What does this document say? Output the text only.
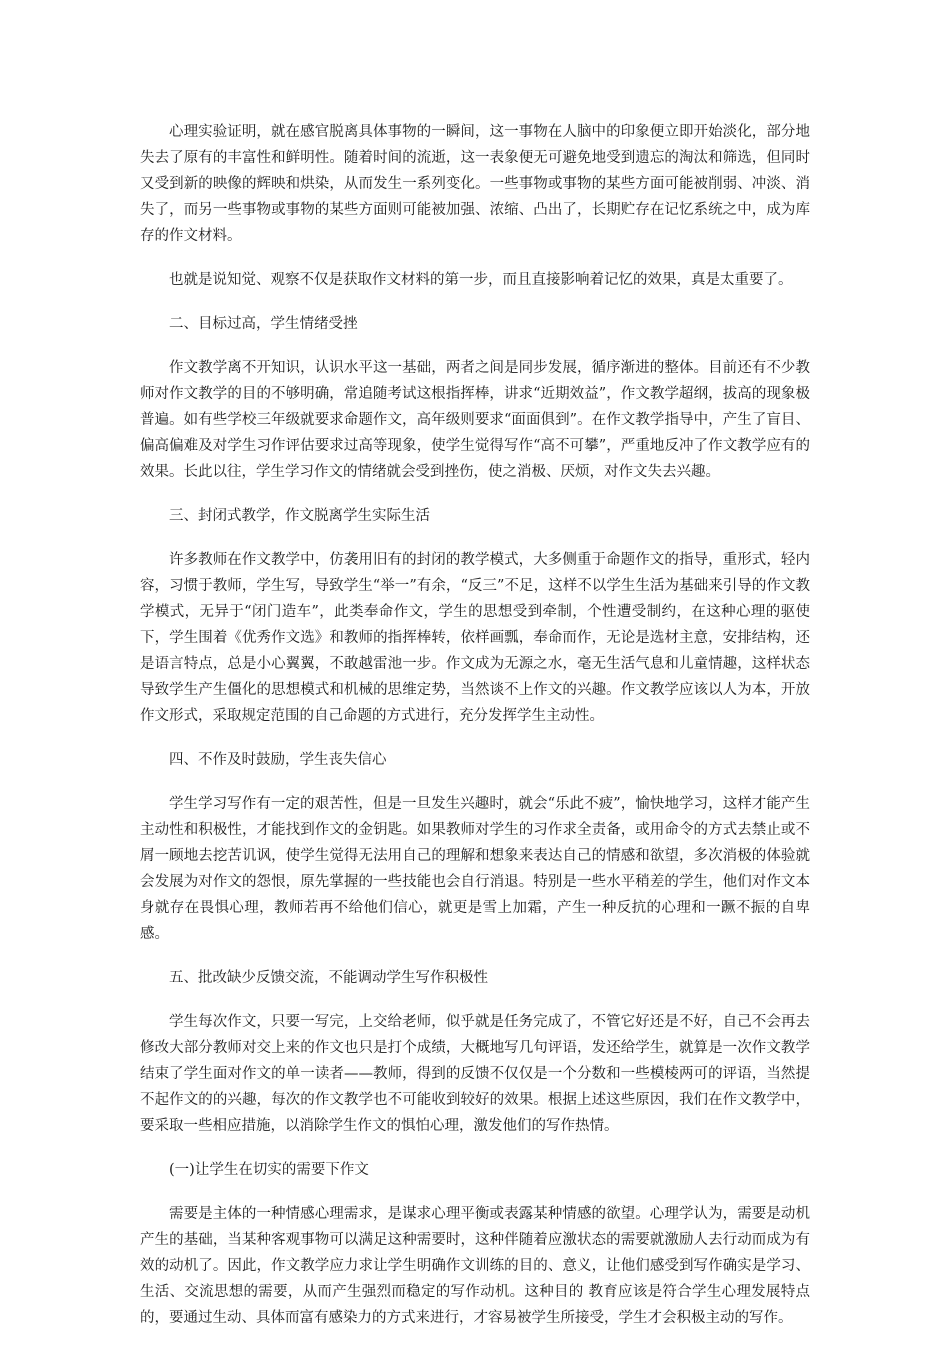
心理实验证明，就在感官脱离具体事物的一瞬间，这一事物在人脑中的印象便立即开始淡化，部分地失去了原有的丰富性和鲜明性。随着时间的流逝，这一表象便无可避免地受到遗忘的淘汰和筛选，但同时又受到新的映像的辉映和烘染，从而发生一系列变化。一些事物或事物的某些方面可能被削弱、冲淡、消失了，而另一些事物或事物的某些方面则可能被加强、浓缩、凸出了，长期贮存在记忆系统之中，成为库存的作文材料。

也就是说知觉、观察不仅是获取作文材料的第一步，而且直接影响着记忆的效果，真是太重要了。

二、目标过高，学生情绪受挫

作文教学离不开知识，认识水平这一基础，两者之间是同步发展，循序渐进的整体。目前还有不少教师对作文教学的目的不够明确，常追随考试这根指挥棒，讲求“近期效益”，作文教学超纲，拔高的现象极普遍。如有些学校三年级就要求命题作文，高年级则要求“面面俱到”。在作文教学指导中，产生了盲目、偏高偏难及对学生习作评估要求过高等现象，使学生觉得写作“高不可攀”，严重地反冲了作文教学应有的效果。长此以往，学生学习作文的情绪就会受到挫伤，使之消极、厌烦，对作文失去兴趣。

三、封闭式教学，作文脱离学生实际生活

许多教师在作文教学中，仿袭用旧有的封闭的教学模式，大多侧重于命题作文的指导，重形式，轻内容，习惯于教师，学生写，导致学生“举一”有余，“反三”不足，这样不以学生生活为基础来引导的作文教学模式，无异于“闭门造车”，此类奉命作文，学生的思想受到牵制，个性遭受制约，在这种心理的驱使下，学生围着《优秀作文选》和教师的指挥棒转，依样画瓢，奉命而作，无论是选材主意，安排结构，还是语言特点，总是小心翼翼，不敢越雷池一步。作文成为无源之水，毫无生活气息和儿童情趣，这样状态导致学生产生僵化的思想模式和机械的思维定势，当然谈不上作文的兴趣。作文教学应该以人为本，开放作文形式，采取规定范围的自己命题的方式进行，充分发挥学生主动性。

四、不作及时鼓励，学生丧失信心

学生学习写作有一定的艰苦性，但是一旦发生兴趣时，就会“乐此不疲”，愉快地学习，这样才能产生主动性和积极性，才能找到作文的金钥匙。如果教师对学生的习作求全责备，或用命令的方式去禁止或不屑一顾地去挖苦讥讽，使学生觉得无法用自己的理解和想象来表达自己的情感和欲望，多次消极的体验就会发展为对作文的怨恨，原先掌握的一些技能也会自行消退。特别是一些水平稍差的学生，他们对作文本身就存在畏惧心理，教师若再不给他们信心，就更是雪上加霜，产生一种反抗的心理和一蹶不振的自卑感。

五、批改缺少反馈交流，不能调动学生写作积极性

学生每次作文，只要一写完，上交给老师，似乎就是任务完成了，不管它好还是不好，自己不会再去修改大部分教师对交上来的作文也只是打个成绩，大概地写几句评语，发还给学生，就算是一次作文教学结束了学生面对作文的单一读者——教师，得到的反馈不仅仅是一个分数和一些模棱两可的评语，当然提不起作文的的兴趣，每次的作文教学也不可能收到较好的效果。根据上述这些原因，我们在作文教学中，要采取一些相应措施，以消除学生作文的惧怕心理，激发他们的写作热情。

(一)让学生在切实的需要下作文

需要是主体的一种情感心理需求，是谋求心理平衡或表露某种情感的欲望。心理学认为，需要是动机产生的基础，当某种客观事物可以满足这种需要时，这种伴随着应激状态的需要就激励人去行动而成为有效的动机了。因此，作文教学应力求让学生明确作文训练的目的、意义，让他们感受到写作确实是学习、生活、交流思想的需要，从而产生强烈而稳定的写作动机。这种目的 教育应该是符合学生心理发展特点的，要通过生动、具体而富有感染力的方式来进行，才容易被学生所接受，学生才会积极主动的写作。
